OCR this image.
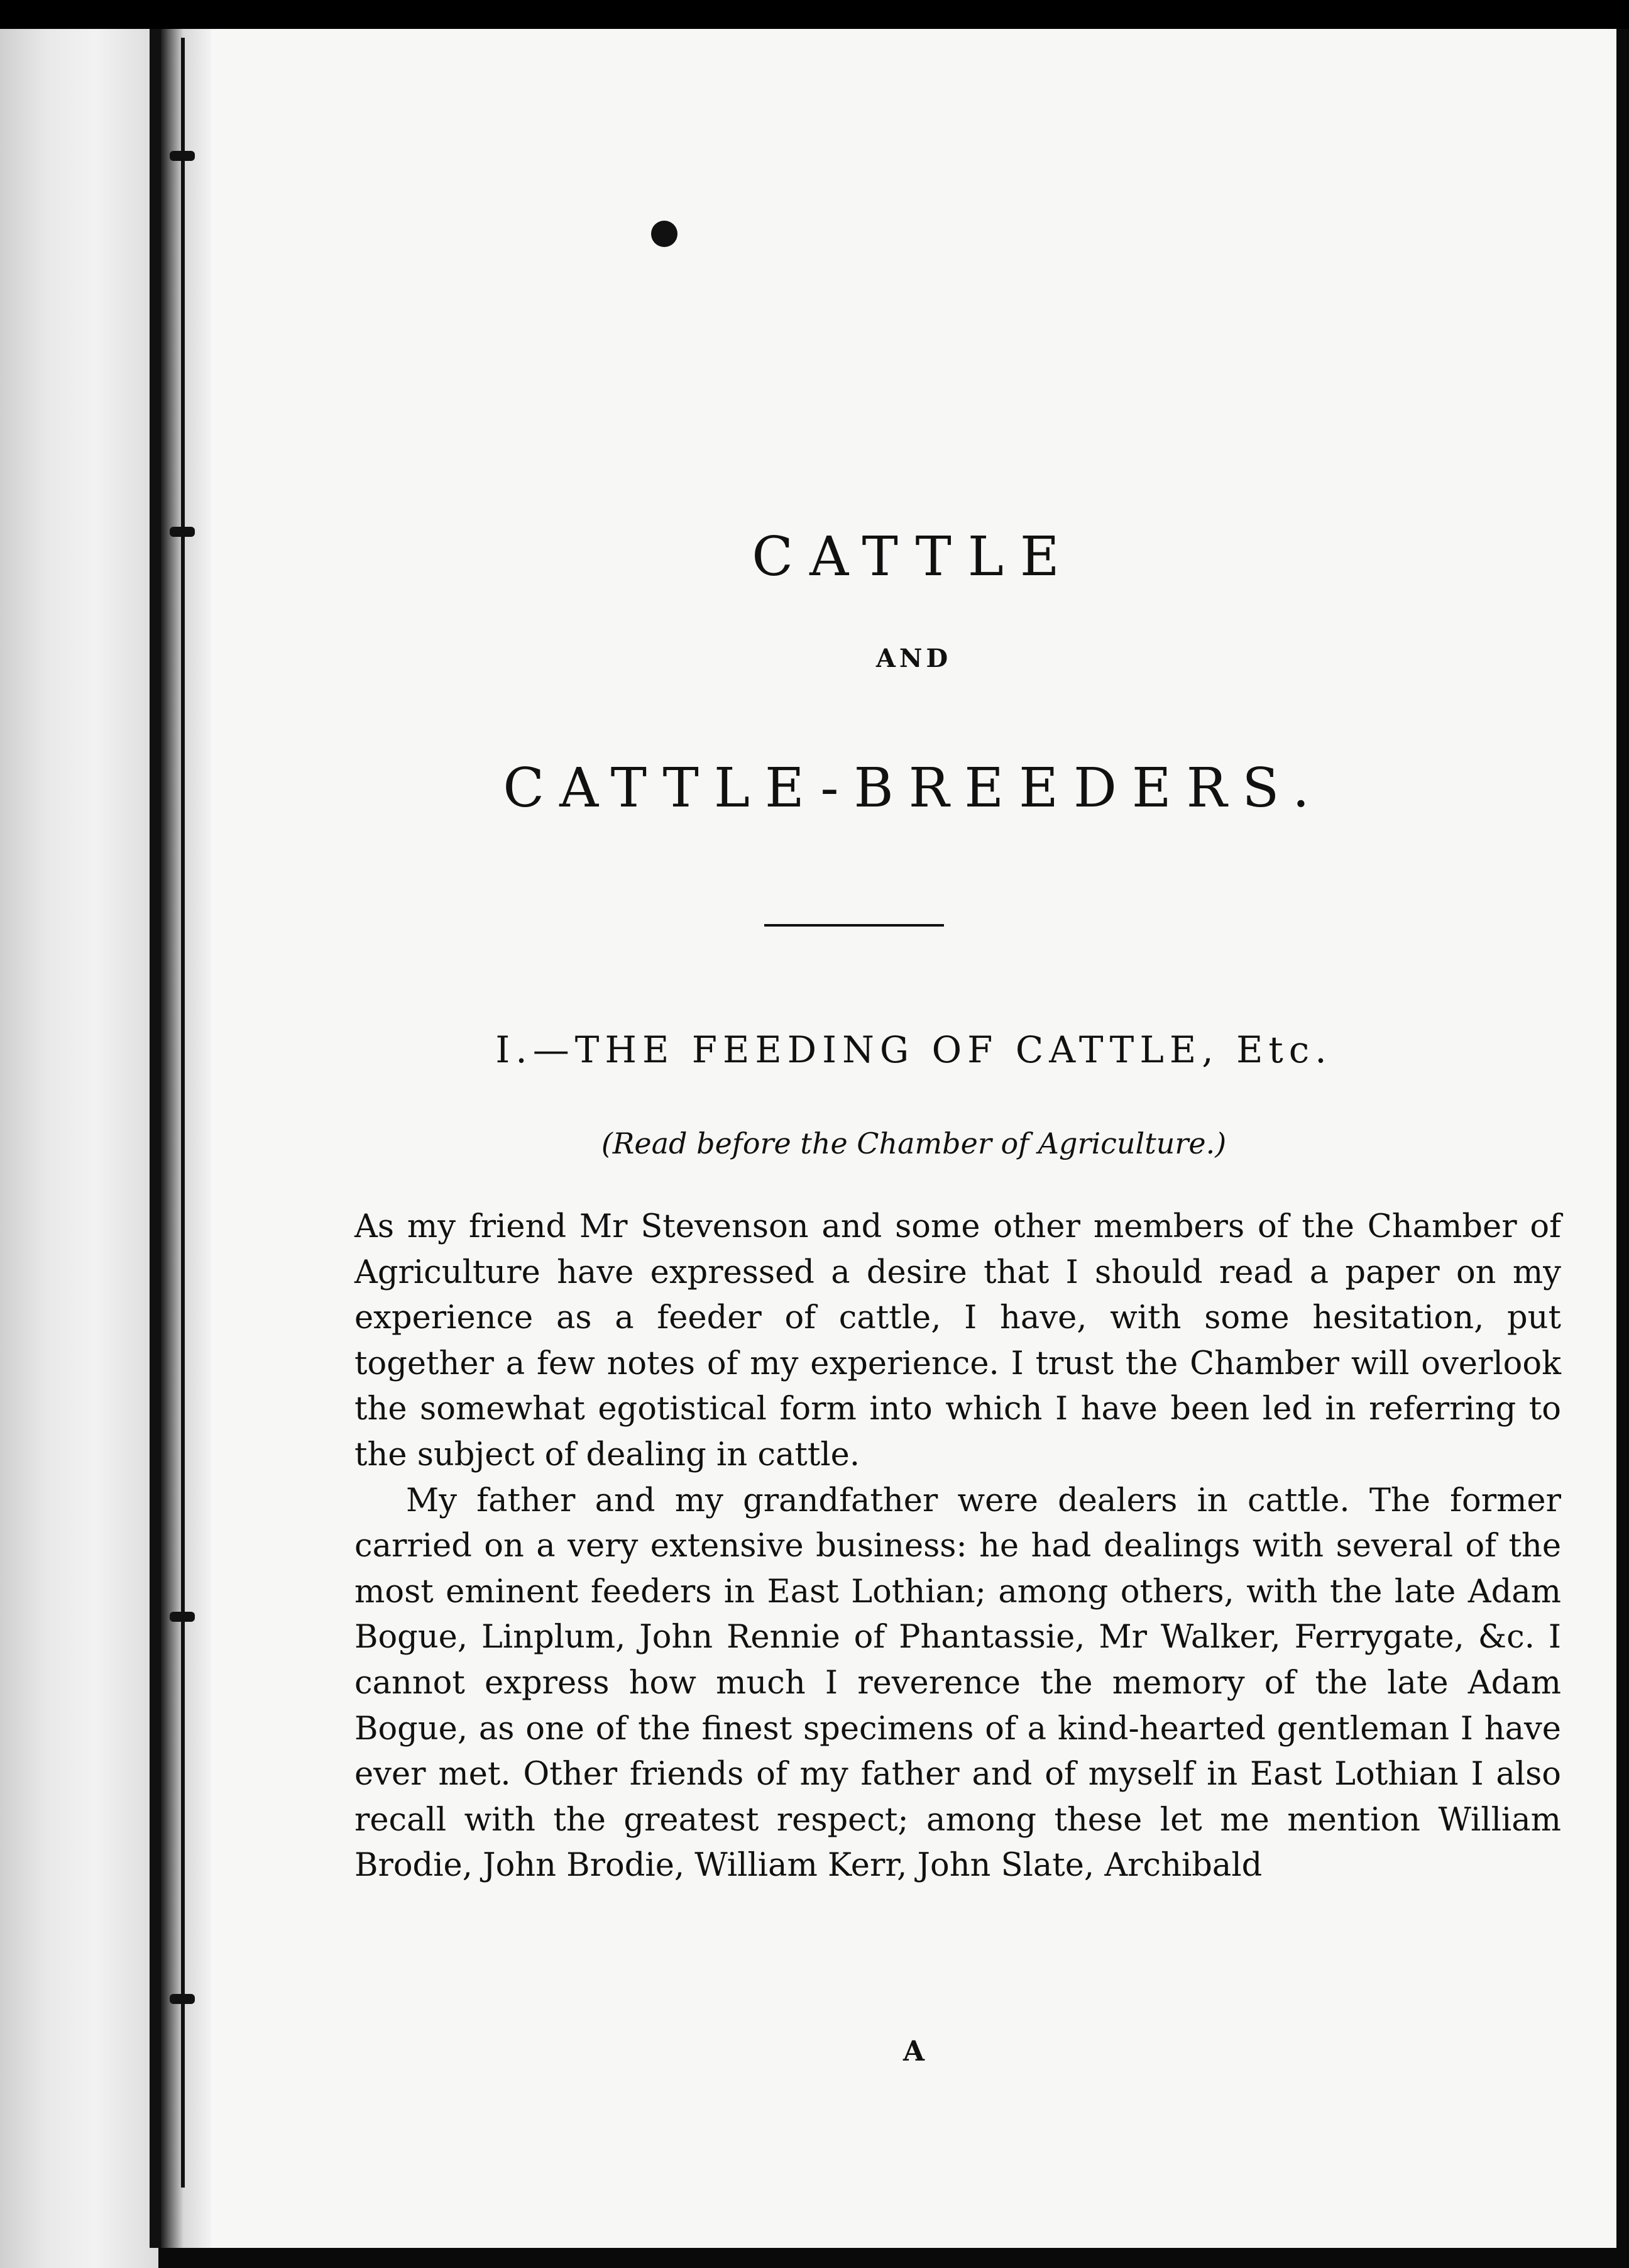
CATTLE
AND
CATTLE-BREEDERS.
I.—THE FEEDING OF CATTLE, Etc.
(Read before the Chamber of Agriculture.)

As my friend Mr Stevenson and some other members of the Chamber of Agriculture have expressed a desire that I should read a paper on my experience as a feeder of cattle, I have, with some hesitation, put together a few notes of my experience. I trust the Chamber will overlook the somewhat egotistical form into which I have been led in referring to the subject of dealing in cattle.

My father and my grandfather were dealers in cattle. The former carried on a very extensive business: he had dealings with several of the most eminent feeders in East Lothian; among others, with the late Adam Bogue, Linplum, John Rennie of Phantassie, Mr Walker, Ferrygate, &c. I cannot express how much I reverence the memory of the late Adam Bogue, as one of the finest specimens of a kind-hearted gentleman I have ever met. Other friends of my father and of myself in East Lothian I also recall with the greatest respect; among these let me mention William Brodie, John Brodie, William Kerr, John Slate, Archibald

A
